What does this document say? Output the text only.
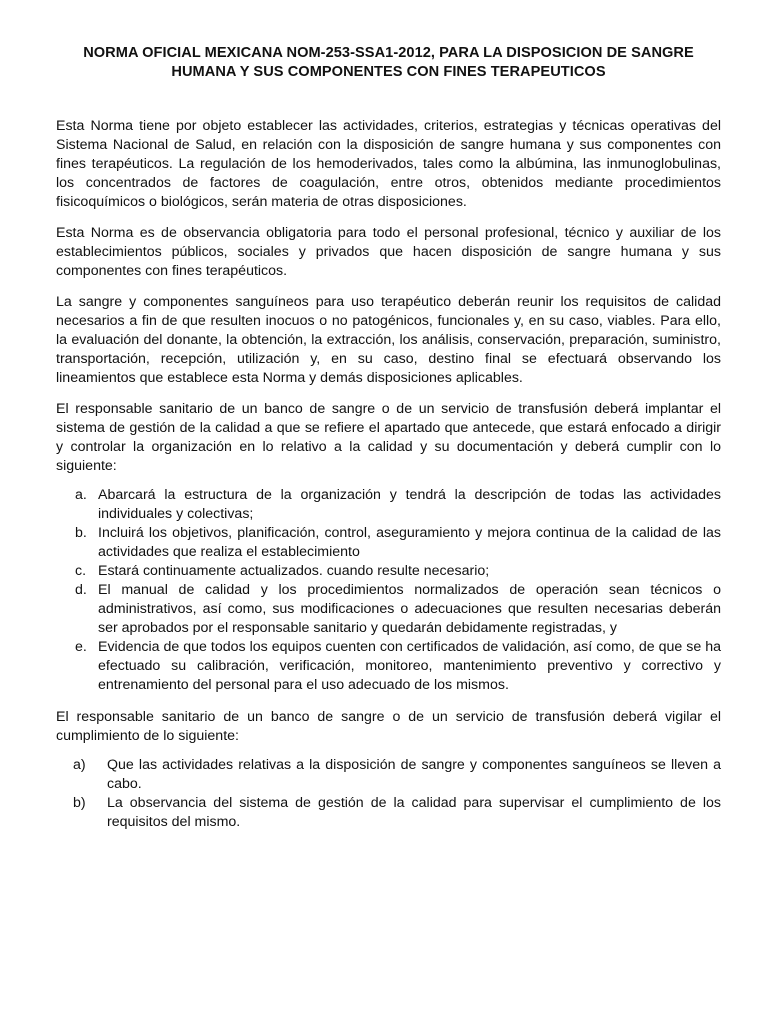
NORMA OFICIAL MEXICANA NOM-253-SSA1-2012, PARA LA DISPOSICION DE SANGRE
HUMANA Y SUS COMPONENTES CON FINES TERAPEUTICOS

Esta Norma tiene por objeto establecer las actividades, criterios, estrategias y técnicas operativas del Sistema Nacional de Salud, en relación con la disposición de sangre humana y sus componentes con fines terapéuticos. La regulación de los hemoderivados, tales como la albúmina, las inmunoglobulinas, los concentrados de factores de coagulación, entre otros, obtenidos mediante procedimientos fisicoquímicos o biológicos, serán materia de otras disposiciones.

Esta Norma es de observancia obligatoria para todo el personal profesional, técnico y auxiliar de los establecimientos públicos, sociales y privados que hacen disposición de sangre humana y sus componentes con fines terapéuticos.

La sangre y componentes sanguíneos para uso terapéutico deberán reunir los requisitos de calidad necesarios a fin de que resulten inocuos o no patogénicos, funcionales y, en su caso, viables. Para ello, la evaluación del donante, la obtención, la extracción, los análisis, conservación, preparación, suministro, transportación, recepción, utilización y, en su caso, destino final se efectuará observando los lineamientos que establece esta Norma y demás disposiciones aplicables.

El responsable sanitario de un banco de sangre o de un servicio de transfusión deberá implantar el sistema de gestión de la calidad a que se refiere el apartado que antecede, que estará enfocado a dirigir y controlar la organización en lo relativo a la calidad y su documentación y deberá cumplir con lo siguiente:

a. Abarcará la estructura de la organización y tendrá la descripción de todas las actividades individuales y colectivas;
b. Incluirá los objetivos, planificación, control, aseguramiento y mejora continua de la calidad de las actividades que realiza el establecimiento
c. Estará continuamente actualizados. cuando resulte necesario;
d. El manual de calidad y los procedimientos normalizados de operación sean técnicos o administrativos, así como, sus modificaciones o adecuaciones que resulten necesarias deberán ser aprobados por el responsable sanitario y quedarán debidamente registradas, y
e. Evidencia de que todos los equipos cuenten con certificados de validación, así como, de que se ha efectuado su calibración, verificación, monitoreo, mantenimiento preventivo y correctivo y entrenamiento del personal para el uso adecuado de los mismos.

El responsable sanitario de un banco de sangre o de un servicio de transfusión deberá vigilar el cumplimiento de lo siguiente:

a) Que las actividades relativas a la disposición de sangre y componentes sanguíneos se lleven a cabo.
b) La observancia del sistema de gestión de la calidad para supervisar el cumplimiento de los requisitos del mismo.
